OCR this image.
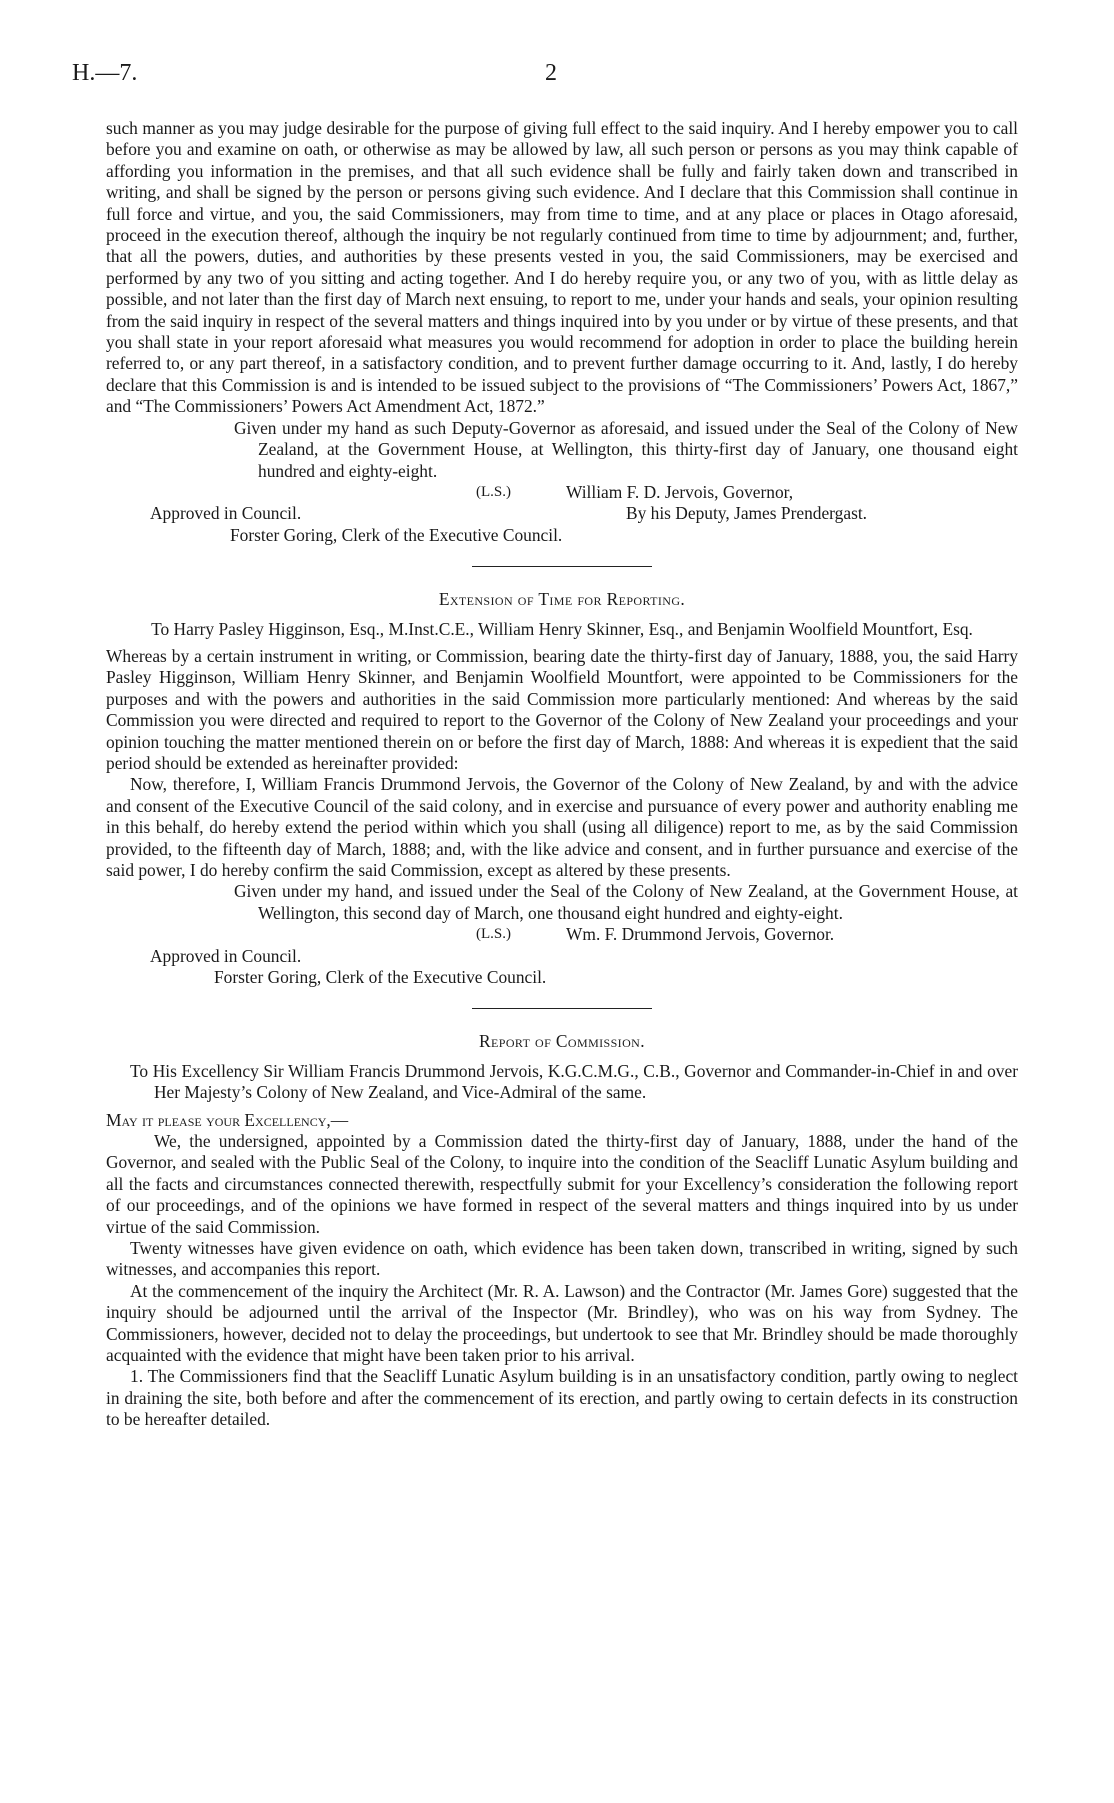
H.—7.	2

such manner as you may judge desirable for the purpose of giving full effect to the said inquiry. And I hereby empower you to call before you and examine on oath, or otherwise as may be allowed by law, all such person or persons as you may think capable of affording you information in the premises, and that all such evidence shall be fully and fairly taken down and transcribed in writing, and shall be signed by the person or persons giving such evidence. And I declare that this Commission shall continue in full force and virtue, and you, the said Commissioners, may from time to time, and at any place or places in Otago aforesaid, proceed in the execution thereof, although the inquiry be not regularly continued from time to time by adjournment; and, further, that all the powers, duties, and authorities by these presents vested in you, the said Commissioners, may be exercised and performed by any two of you sitting and acting together. And I do hereby require you, or any two of you, with as little delay as possible, and not later than the first day of March next ensuing, to report to me, under your hands and seals, your opinion resulting from the said inquiry in respect of the several matters and things inquired into by you under or by virtue of these presents, and that you shall state in your report aforesaid what measures you would recommend for adoption in order to place the building herein referred to, or any part thereof, in a satisfactory condition, and to prevent further damage occurring to it. And, lastly, I do hereby declare that this Commission is and is intended to be issued subject to the provisions of “The Commissioners’ Powers Act, 1867,” and “The Commissioners’ Powers Act Amendment Act, 1872.”

Given under my hand as such Deputy-Governor as aforesaid, and issued under the Seal of the Colony of New Zealand, at the Government House, at Wellington, this thirty-first day of January, one thousand eight hundred and eighty-eight.

(L.S.)	William F. D. Jervois, Governor,
Approved in Council.	By his Deputy, James Prendergast.

Forster Goring, Clerk of the Executive Council.

Extension of Time for Reporting.

To Harry Pasley Higginson, Esq., M.Inst.C.E., William Henry Skinner, Esq., and Benjamin Woolfield Mountfort, Esq.

Whereas by a certain instrument in writing, or Commission, bearing date the thirty-first day of January, 1888, you, the said Harry Pasley Higginson, William Henry Skinner, and Benjamin Woolfield Mountfort, were appointed to be Commissioners for the purposes and with the powers and authorities in the said Commission more particularly mentioned: And whereas by the said Commission you were directed and required to report to the Governor of the Colony of New Zealand your proceedings and your opinion touching the matter mentioned therein on or before the first day of March, 1888: And whereas it is expedient that the said period should be extended as hereinafter provided:

Now, therefore, I, William Francis Drummond Jervois, the Governor of the Colony of New Zealand, by and with the advice and consent of the Executive Council of the said colony, and in exercise and pursuance of every power and authority enabling me in this behalf, do hereby extend the period within which you shall (using all diligence) report to me, as by the said Commission provided, to the fifteenth day of March, 1888; and, with the like advice and consent, and in further pursuance and exercise of the said power, I do hereby confirm the said Commission, except as altered by these presents.

Given under my hand, and issued under the Seal of the Colony of New Zealand, at the Government House, at Wellington, this second day of March, one thousand eight hundred and eighty-eight.

(L.S.)	Wm. F. Drummond Jervois, Governor.
Approved in Council.

Forster Goring, Clerk of the Executive Council.

Report of Commission.

To His Excellency Sir William Francis Drummond Jervois, K.G.C.M.G., C.B., Governor and Commander-in-Chief in and over Her Majesty’s Colony of New Zealand, and Vice-Admiral of the same.

May it please your Excellency,—

We, the undersigned, appointed by a Commission dated the thirty-first day of January, 1888, under the hand of the Governor, and sealed with the Public Seal of the Colony, to inquire into the condition of the Seacliff Lunatic Asylum building and all the facts and circumstances connected therewith, respectfully submit for your Excellency’s consideration the following report of our proceedings, and of the opinions we have formed in respect of the several matters and things inquired into by us under virtue of the said Commission.

Twenty witnesses have given evidence on oath, which evidence has been taken down, transcribed in writing, signed by such witnesses, and accompanies this report.

At the commencement of the inquiry the Architect (Mr. R. A. Lawson) and the Contractor (Mr. James Gore) suggested that the inquiry should be adjourned until the arrival of the Inspector (Mr. Brindley), who was on his way from Sydney. The Commissioners, however, decided not to delay the proceedings, but undertook to see that Mr. Brindley should be made thoroughly acquainted with the evidence that might have been taken prior to his arrival.

1. The Commissioners find that the Seacliff Lunatic Asylum building is in an unsatisfactory condition, partly owing to neglect in draining the site, both before and after the commencement of its erection, and partly owing to certain defects in its construction to be hereafter detailed.
